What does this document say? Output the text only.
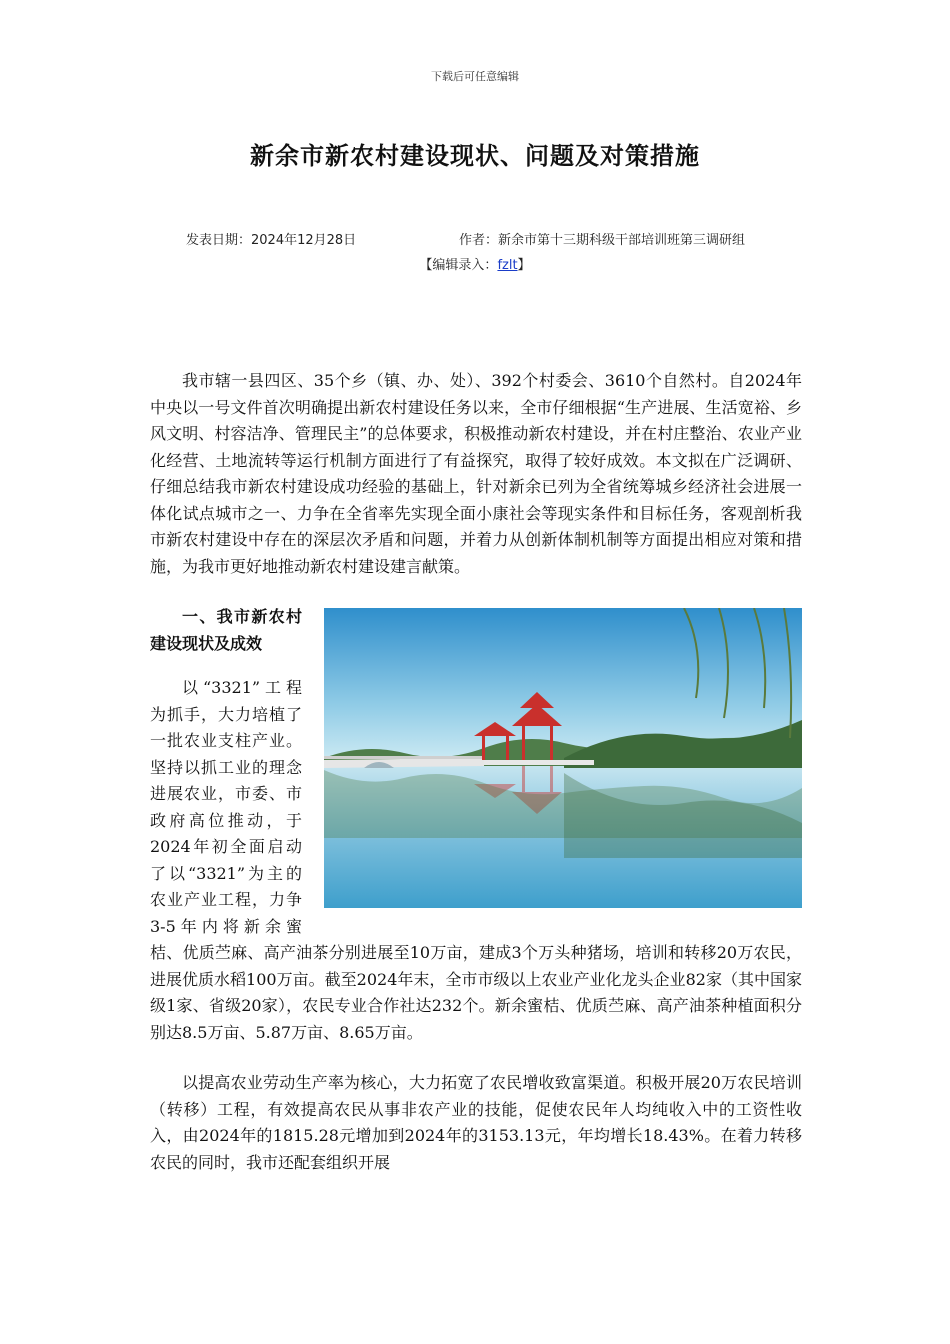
下载后可任意编辑
新余市新农村建设现状、问题及对策措施
发表日期：2024年12月28日	作者：新余市第十三期科级干部培训班第三调研组
【编辑录入：fzlt】

我市辖一县四区、35个乡（镇、办、处）、392个村委会、3610个自然村。自2024年中央以一号文件首次明确提出新农村建设任务以来，全市仔细根据“生产进展、生活宽裕、乡风文明、村容洁净、管理民主”的总体要求，积极推动新农村建设，并在村庄整治、农业产业化经营、土地流转等运行机制方面进行了有益探究，取得了较好成效。本文拟在广泛调研、仔细总结我市新农村建设成功经验的基础上，针对新余已列为全省统筹城乡经济社会进展一体化试点城市之一、力争在全省率先实现全面小康社会等现实条件和目标任务，客观剖析我市新农村建设中存在的深层次矛盾和问题，并着力从创新体制机制等方面提出相应对策和措施，为我市更好地推动新农村建设建言献策。

一、我市新农村建设现状及成效

以“3321”工程为抓手，大力培植了一批农业支柱产业。坚持以抓工业的理念进展农业，市委、市政府高位推动，于2024年初全面启动了以“3321”为主的农业产业工程，力争3-5年内将新余蜜桔、优质苎麻、高产油茶分别进展至10万亩，建成3个万头种猪场，培训和转移20万农民，进展优质水稻100万亩。截至2024年末，全市市级以上农业产业化龙头企业82家（其中国家级1家、省级20家），农民专业合作社达232个。新余蜜桔、优质苎麻、高产油茶种植面积分别达8.5万亩、5.87万亩、8.65万亩。

以提高农业劳动生产率为核心，大力拓宽了农民增收致富渠道。积极开展20万农民培训（转移）工程，有效提高农民从事非农产业的技能，促使农民年人均纯收入中的工资性收入，由2024年的1815.28元增加到2024年的3153.13元，年均增长18.43%。在着力转移农民的同时，我市还配套组织开展
